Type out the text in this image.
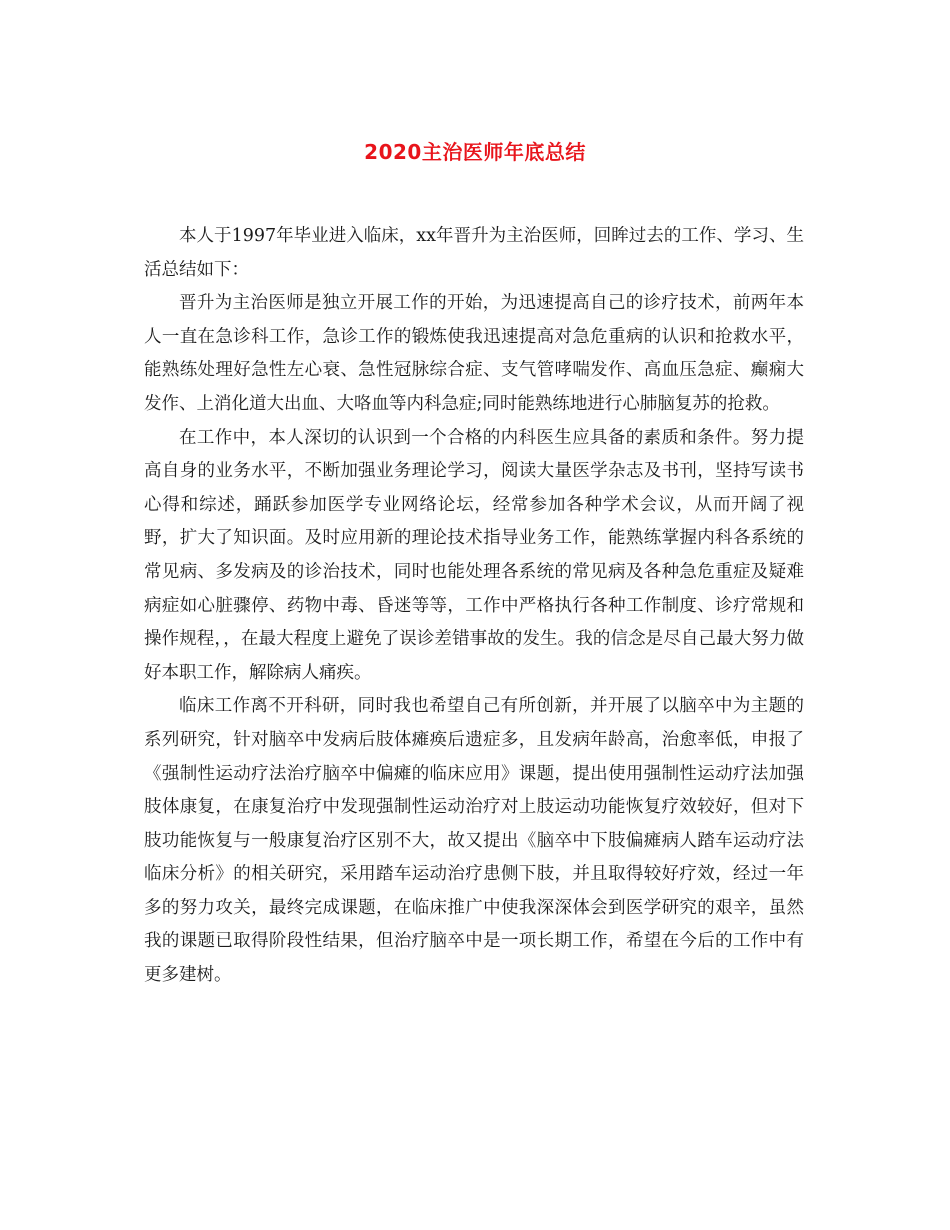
2020主治医师年底总结

本人于1997年毕业进入临床，xx年晋升为主治医师，回眸过去的工作、学习、生活总结如下：

晋升为主治医师是独立开展工作的开始，为迅速提高自己的诊疗技术，前两年本人一直在急诊科工作，急诊工作的锻炼使我迅速提高对急危重病的认识和抢救水平，能熟练处理好急性左心衰、急性冠脉综合症、支气管哮喘发作、高血压急症、癫痫大发作、上消化道大出血、大咯血等内科急症;同时能熟练地进行心肺脑复苏的抢救。

在工作中，本人深切的认识到一个合格的内科医生应具备的素质和条件。努力提高自身的业务水平，不断加强业务理论学习，阅读大量医学杂志及书刊，坚持写读书心得和综述，踊跃参加医学专业网络论坛，经常参加各种学术会议，从而开阔了视野，扩大了知识面。及时应用新的理论技术指导业务工作，能熟练掌握内科各系统的常见病、多发病及的诊治技术，同时也能处理各系统的常见病及各种急危重症及疑难病症如心脏骤停、药物中毒、昏迷等等，工作中严格执行各种工作制度、诊疗常规和操作规程，，在最大程度上避免了误诊差错事故的发生。我的信念是尽自己最大努力做好本职工作，解除病人痛疾。

临床工作离不开科研，同时我也希望自己有所创新，并开展了以脑卒中为主题的系列研究，针对脑卒中发病后肢体瘫痪后遗症多，且发病年龄高，治愈率低，申报了《强制性运动疗法治疗脑卒中偏瘫的临床应用》课题，提出使用强制性运动疗法加强肢体康复，在康复治疗中发现强制性运动治疗对上肢运动功能恢复疗效较好，但对下肢功能恢复与一般康复治疗区别不大，故又提出《脑卒中下肢偏瘫病人踏车运动疗法临床分析》的相关研究，采用踏车运动治疗患侧下肢，并且取得较好疗效，经过一年多的努力攻关，最终完成课题，在临床推广中使我深深体会到医学研究的艰辛，虽然我的课题已取得阶段性结果，但治疗脑卒中是一项长期工作，希望在今后的工作中有更多建树。
